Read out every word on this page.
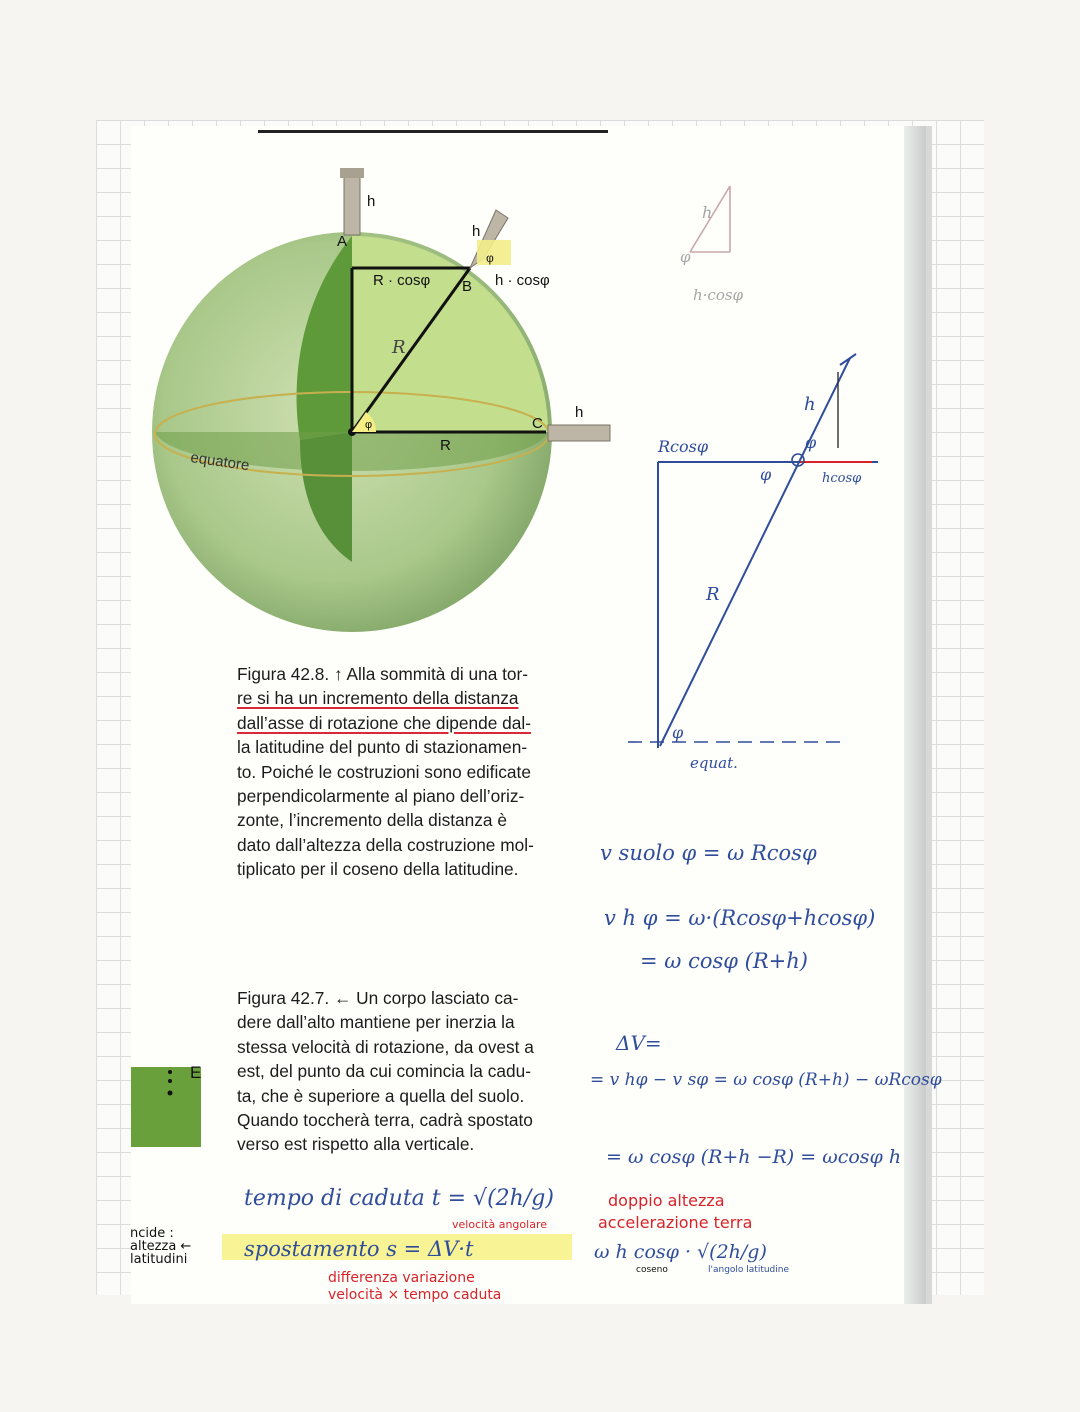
A
h
h
φ
R · cosφ B h · cosφ
φ
R
C
h
equatore
R
E
Figura 42.8. ↑ Alla sommità di una tor-
re si ha un incremento della distanza
dall’asse di rotazione che dipende dal-
la latitudine del punto di stazionamen-
to. Poiché le costruzioni sono edificate
perpendicolarmente al piano dell’oriz-
zonte, l’incremento della distanza è
dato dall’altezza della costruzione mol-
tiplicato per il coseno della latitudine.
Figura 42.7. ← Un corpo lasciato ca-
dere dall’alto mantiene per inerzia la
stessa velocità di rotazione, da ovest a
est, del punto da cui comincia la cadu-
ta, che è superiore a quella del suolo.
Quando toccherà terra, cadrà spostato
verso est rispetto alla verticale.
h
φ
h·cosφ
Rcosφ
hcosφ
h
φ
φ
R
φ
equat.
v suolo φ = ω Rcosφ
v h φ = ω·(Rcosφ+hcosφ)
= ω cosφ (R+h)
ΔV=
= v hφ − v sφ = ω cosφ (R+h) − ωRcosφ
= ω cosφ (R+h −R) = ωcosφ h
tempo di caduta t = √(2h/g)	doppio altezza
accelerazione terra
velocità angolare
spostamento s = ΔV·t	ω h cosφ · √(2h/g)
coseno	l'angolo latitudine
differenza variazione
velocità × tempo caduta
ncide :
altezza ←
latitudini
